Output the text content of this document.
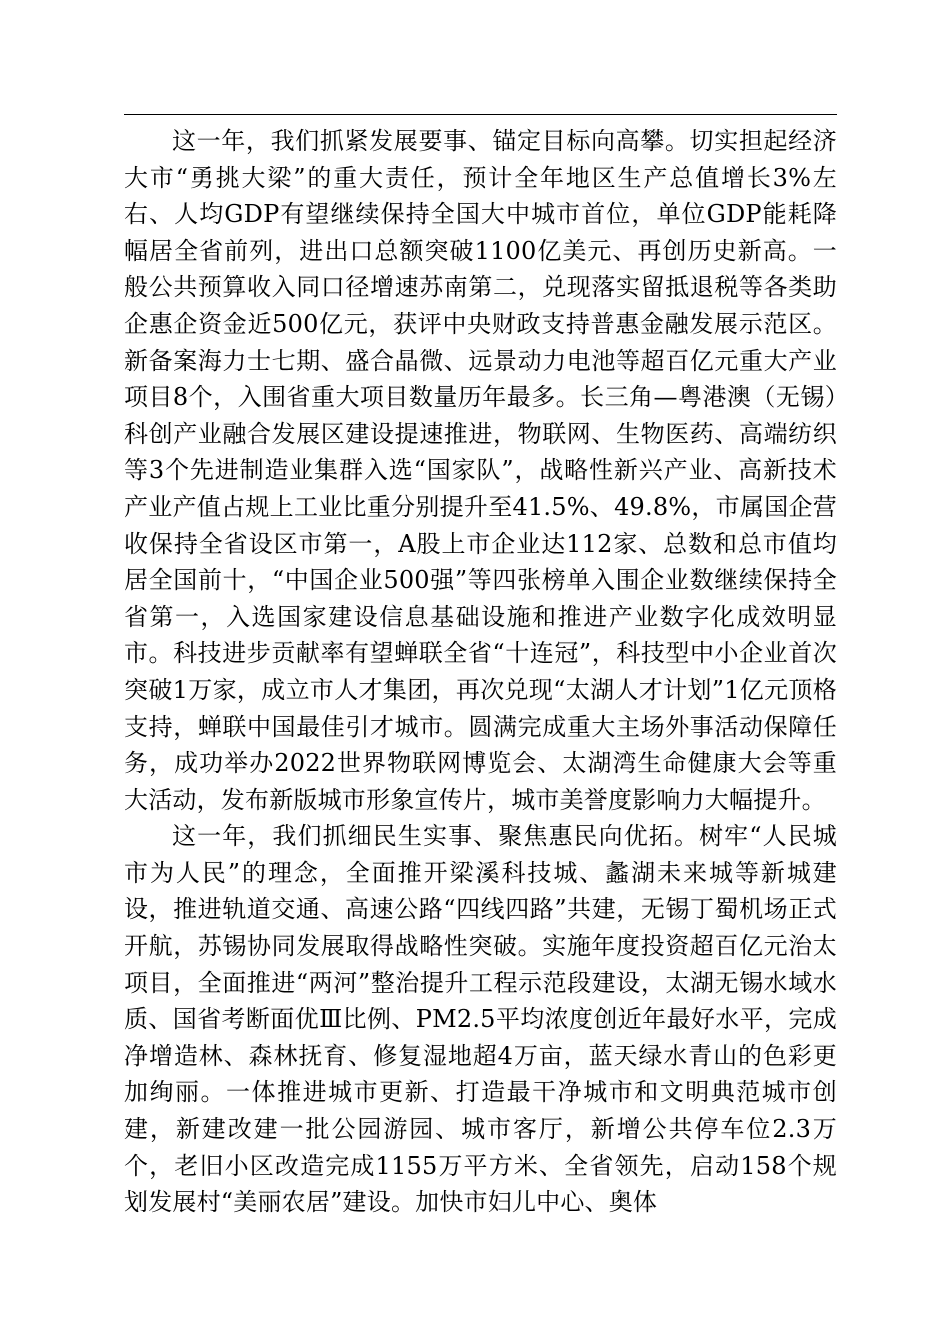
这一年，我们抓紧发展要事、锚定目标向高攀。切实担起经济大市“勇挑大梁”的重大责任，预计全年地区生产总值增长3%左右、人均GDP有望继续保持全国大中城市首位，单位GDP能耗降幅居全省前列，进出口总额突破1100亿美元、再创历史新高。一般公共预算收入同口径增速苏南第二，兑现落实留抵退税等各类助企惠企资金近500亿元，获评中央财政支持普惠金融发展示范区。新备案海力士七期、盛合晶微、远景动力电池等超百亿元重大产业项目8个，入围省重大项目数量历年最多。长三角—粤港澳（无锡）科创产业融合发展区建设提速推进，物联网、生物医药、高端纺织等3个先进制造业集群入选“国家队”，战略性新兴产业、高新技术产业产值占规上工业比重分别提升至41.5%、49.8%，市属国企营收保持全省设区市第一，A股上市企业达112家、总数和总市值均居全国前十，“中国企业500强”等四张榜单入围企业数继续保持全省第一，入选国家建设信息基础设施和推进产业数字化成效明显市。科技进步贡献率有望蝉联全省“十连冠”，科技型中小企业首次突破1万家，成立市人才集团，再次兑现“太湖人才计划”1亿元顶格支持，蝉联中国最佳引才城市。圆满完成重大主场外事活动保障任务，成功举办2022世界物联网博览会、太湖湾生命健康大会等重大活动，发布新版城市形象宣传片，城市美誉度影响力大幅提升。

这一年，我们抓细民生实事、聚焦惠民向优拓。树牢“人民城市为人民”的理念，全面推开梁溪科技城、蠡湖未来城等新城建设，推进轨道交通、高速公路“四线四路”共建，无锡丁蜀机场正式开航，苏锡协同发展取得战略性突破。实施年度投资超百亿元治太项目，全面推进“两河”整治提升工程示范段建设，太湖无锡水域水质、国省考断面优Ⅲ比例、PM2.5平均浓度创近年最好水平，完成净增造林、森林抚育、修复湿地超4万亩，蓝天绿水青山的色彩更加绚丽。一体推进城市更新、打造最干净城市和文明典范城市创建，新建改建一批公园游园、城市客厅，新增公共停车位2.3万个，老旧小区改造完成1155万平方米、全省领先，启动158个规划发展村“美丽农居”建设。加快市妇儿中心、奥体
